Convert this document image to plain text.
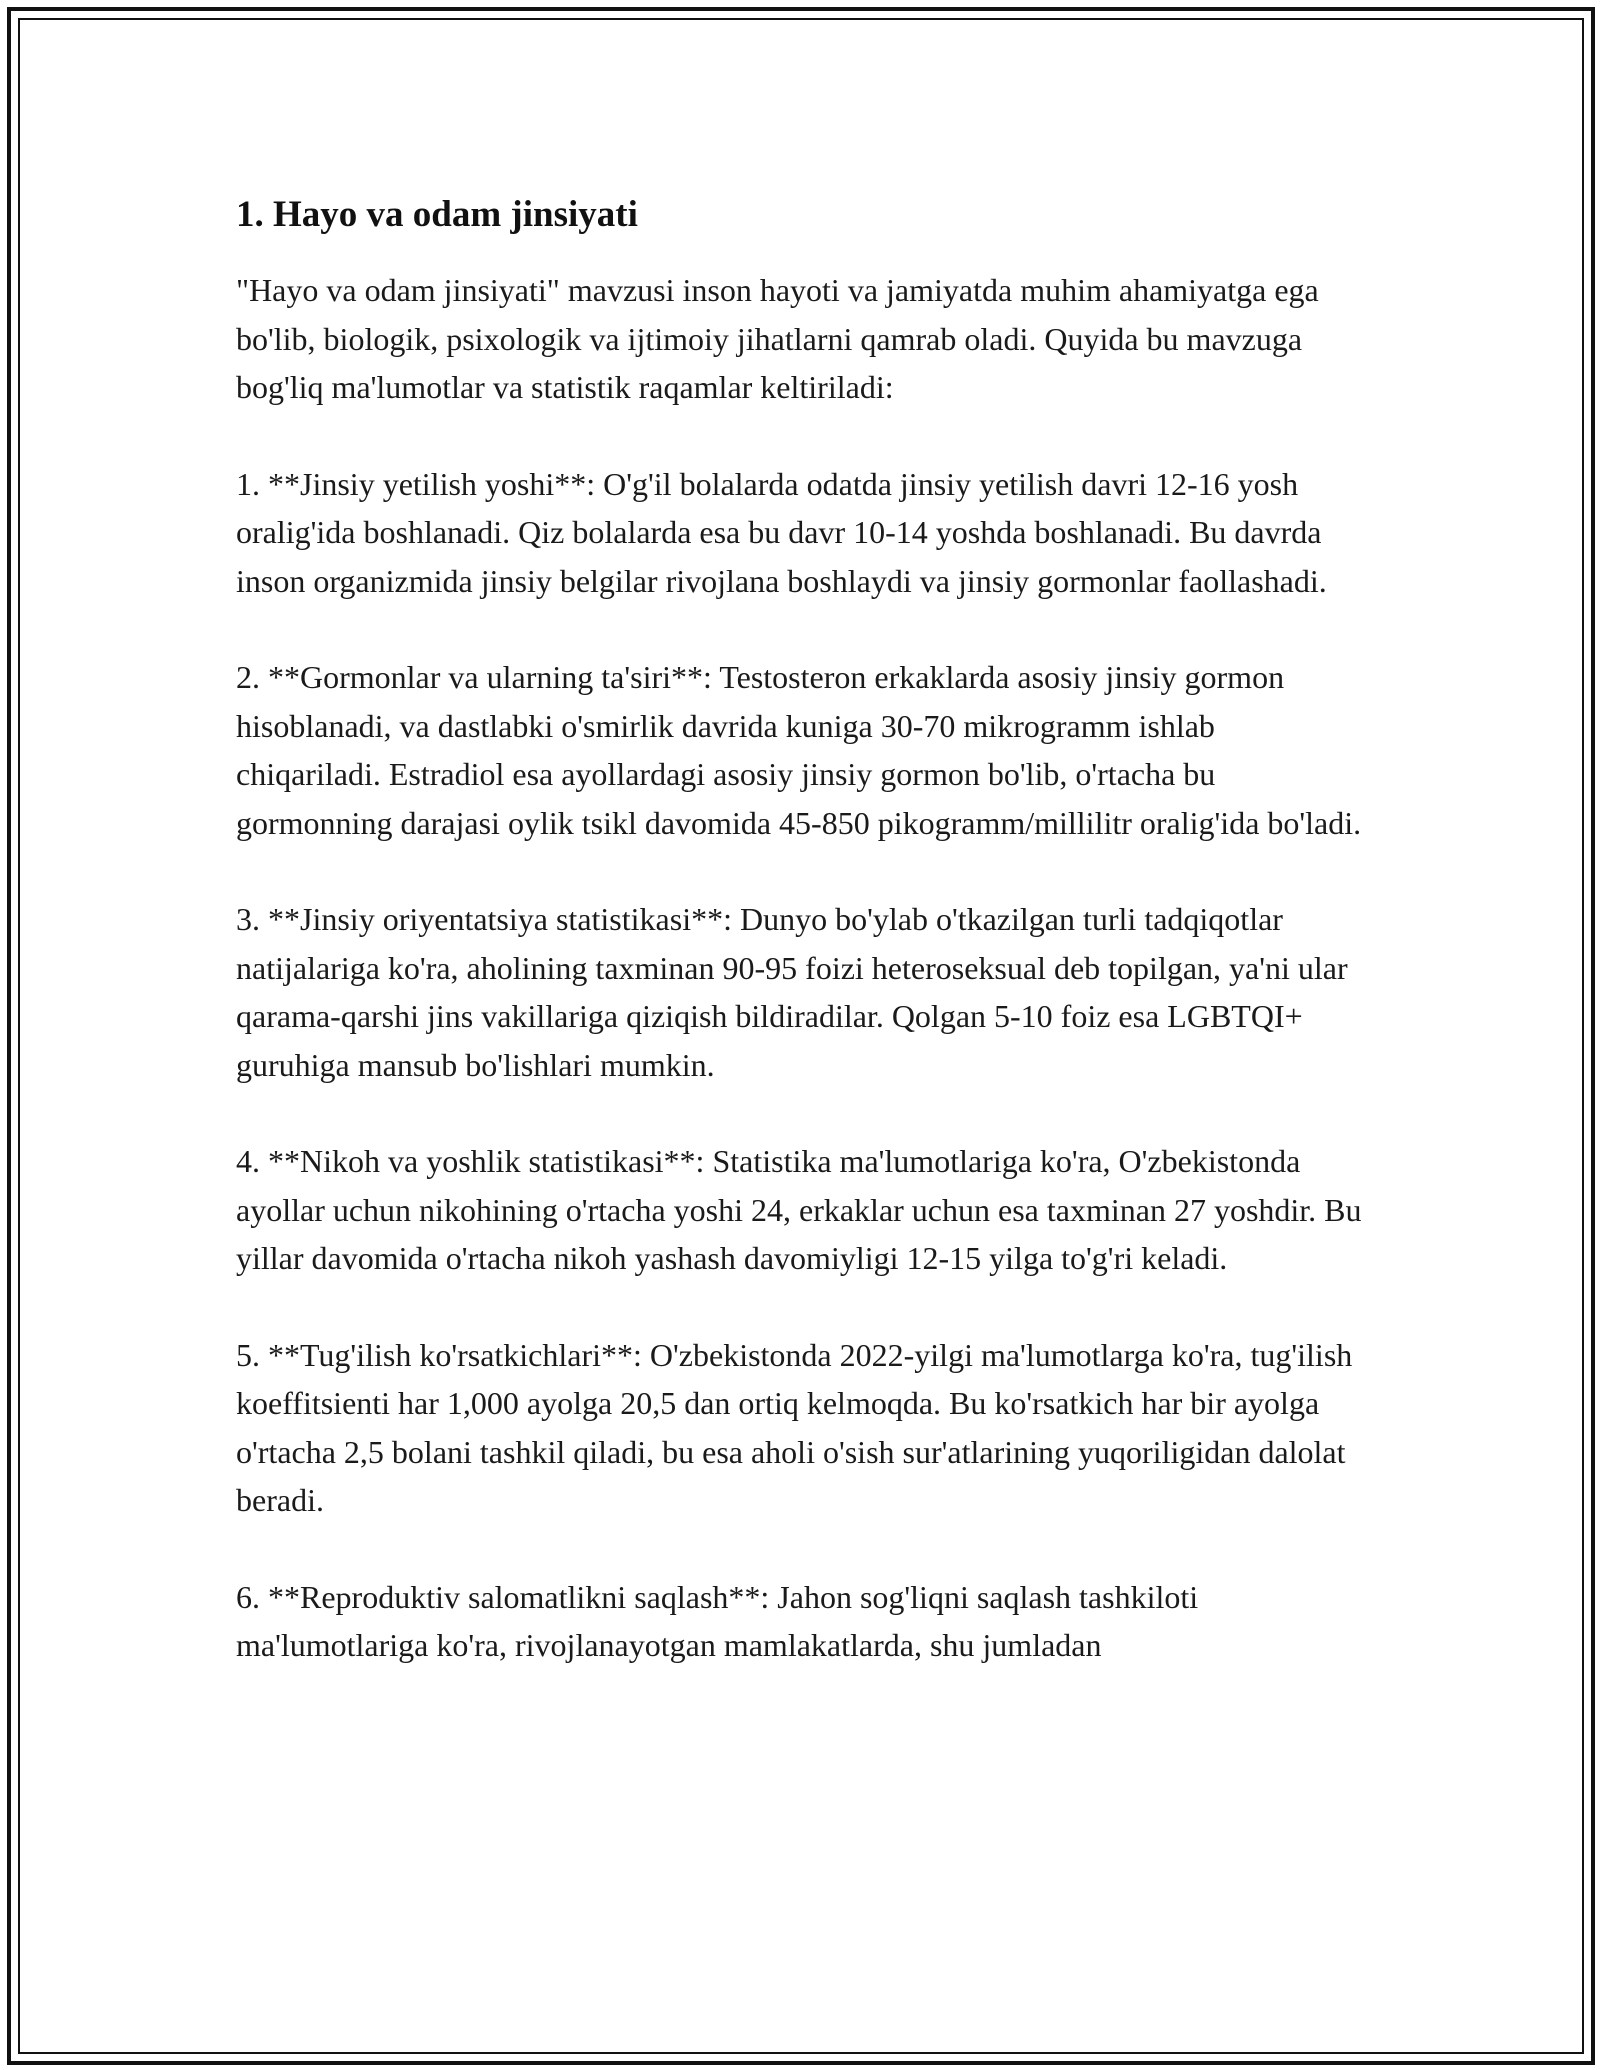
1. Hayo va odam jinsiyati

"Hayo va odam jinsiyati" mavzusi inson hayoti va jamiyatda muhim ahamiyatga ega bo'lib, biologik, psixologik va ijtimoiy jihatlarni qamrab oladi. Quyida bu mavzuga bog'liq ma'lumotlar va statistik raqamlar keltiriladi:

1. **Jinsiy yetilish yoshi**: O'g'il bolalarda odatda jinsiy yetilish davri 12-16 yosh oralig'ida boshlanadi. Qiz bolalarda esa bu davr 10-14 yoshda boshlanadi. Bu davrda inson organizmida jinsiy belgilar rivojlana boshlaydi va jinsiy gormonlar faollashadi.

2. **Gormonlar va ularning ta'siri**: Testosteron erkaklarda asosiy jinsiy gormon hisoblanadi, va dastlabki o'smirlik davrida kuniga 30-70 mikrogramm ishlab chiqariladi. Estradiol esa ayollardagi asosiy jinsiy gormon bo'lib, o'rtacha bu gormonning darajasi oylik tsikl davomida 45-850 pikogramm/millilitr oralig'ida bo'ladi.

3. **Jinsiy oriyentatsiya statistikasi**: Dunyo bo'ylab o'tkazilgan turli tadqiqotlar natijalariga ko'ra, aholining taxminan 90-95 foizi heteroseksual deb topilgan, ya'ni ular qarama-qarshi jins vakillariga qiziqish bildiradilar. Qolgan 5-10 foiz esa LGBTQI+ guruhiga mansub bo'lishlari mumkin.

4. **Nikoh va yoshlik statistikasi**: Statistika ma'lumotlariga ko'ra, O'zbekistonda ayollar uchun nikohining o'rtacha yoshi 24, erkaklar uchun esa taxminan 27 yoshdir. Bu yillar davomida o'rtacha nikoh yashash davomiyligi 12-15 yilga to'g'ri keladi.

5. **Tug'ilish ko'rsatkichlari**: O'zbekistonda 2022-yilgi ma'lumotlarga ko'ra, tug'ilish koeffitsienti har 1,000 ayolga 20,5 dan ortiq kelmoqda. Bu ko'rsatkich har bir ayolga o'rtacha 2,5 bolani tashkil qiladi, bu esa aholi o'sish sur'atlarining yuqoriligidan dalolat beradi.

6. **Reproduktiv salomatlikni saqlash**: Jahon sog'liqni saqlash tashkiloti ma'lumotlariga ko'ra, rivojlanayotgan mamlakatlarda, shu jumladan
